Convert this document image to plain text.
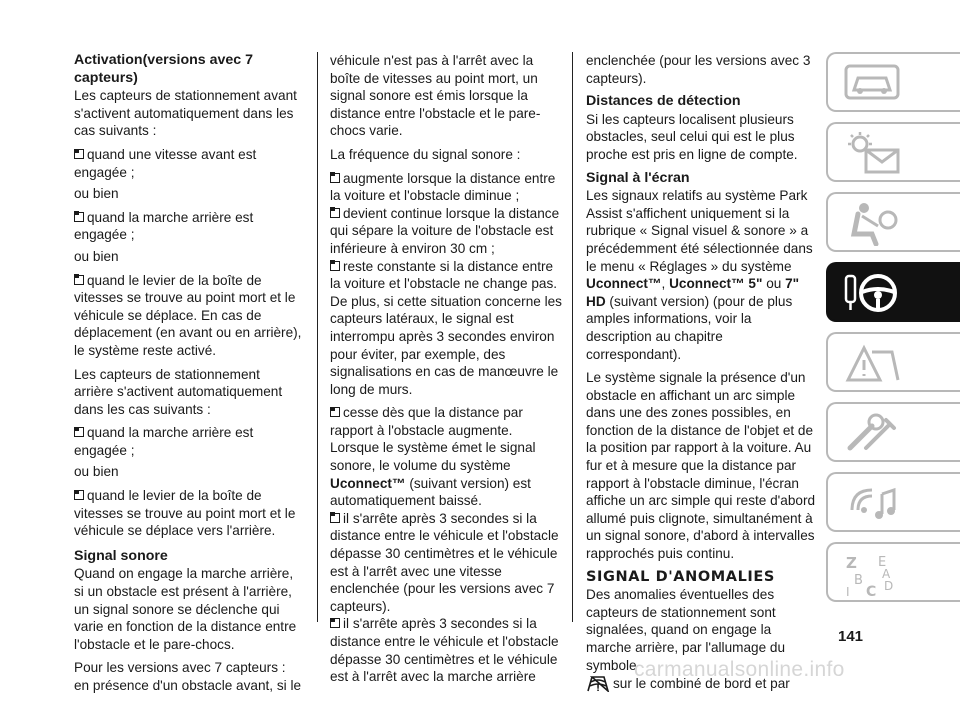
Activation(versions avec 7 capteurs)

Les capteurs de stationnement avant s'activent automatiquement dans les cas suivants :

quand une vitesse avant est engagée ;

ou bien

quand la marche arrière est engagée ;

ou bien

quand le levier de la boîte de vitesses se trouve au point mort et le véhicule se déplace. En cas de déplacement (en avant ou en arrière), le système reste activé.

Les capteurs de stationnement arrière s'activent automatiquement dans les cas suivants :

quand la marche arrière est engagée ;

ou bien

quand le levier de la boîte de vitesses se trouve au point mort et le véhicule se déplace vers l'arrière.
Signal sonore

Quand on engage la marche arrière, si un obstacle est présent à l'arrière, un signal sonore se déclenche qui varie en fonction de la distance entre l'obstacle et le pare-chocs.

Pour les versions avec 7 capteurs : en présence d'un obstacle avant, si le

véhicule n'est pas à l'arrêt avec la boîte de vitesses au point mort, un signal sonore est émis lorsque la distance entre l'obstacle et le pare-chocs varie.

La fréquence du signal sonore :

augmente lorsque la distance entre la voiture et l'obstacle diminue ;
devient continue lorsque la distance qui sépare la voiture de l'obstacle est inférieure à environ 30 cm ;
reste constante si la distance entre la voiture et l'obstacle ne change pas.

De plus, si cette situation concerne les capteurs latéraux, le signal est interrompu après 3 secondes environ pour éviter, par exemple, des signalisations en cas de manœuvre le long de murs.

cesse dès que la distance par rapport à l'obstacle augmente. Lorsque le système émet le signal sonore, le volume du système Uconnect™ (suivant version) est automatiquement baissé.
il s'arrête après 3 secondes si la distance entre le véhicule et l'obstacle dépasse 30 centimètres et le véhicule est à l'arrêt avec une vitesse enclenchée (pour les versions avec 7 capteurs).
il s'arrête après 3 secondes si la distance entre le véhicule et l'obstacle dépasse 30 centimètres et le véhicule est à l'arrêt avec la marche arrière

enclenchée (pour les versions avec 3 capteurs).

Distances de détection

Si les capteurs localisent plusieurs obstacles, seul celui qui est le plus proche est pris en ligne de compte.

Signal à l'écran

Les signaux relatifs au système Park Assist s'affichent uniquement si la rubrique « Signal visuel & sonore » a précédemment été sélectionnée dans le menu « Réglages » du système Uconnect™, Uconnect™ 5" ou 7" HD (suivant version) (pour de plus amples informations, voir la description au chapitre correspondant).

Le système signale la présence d'un obstacle en affichant un arc simple dans une des zones possibles, en fonction de la distance de l'objet et de la position par rapport à la voiture. Au fur et à mesure que la distance par rapport à l'obstacle diminue, l'écran affiche un arc simple qui reste d'abord allumé puis clignote, simultanément à un signal sonore, d'abord à intervalles rapprochés puis continu.

SIGNAL D'ANOMALIES

Des anomalies éventuelles des capteurs de stationnement sont signalées, quand on engage la marche arrière, par l'allumage du symbole

! sur le combiné de bord et par

Z E
B
C D
A
I
141
carmanualsonline.info
